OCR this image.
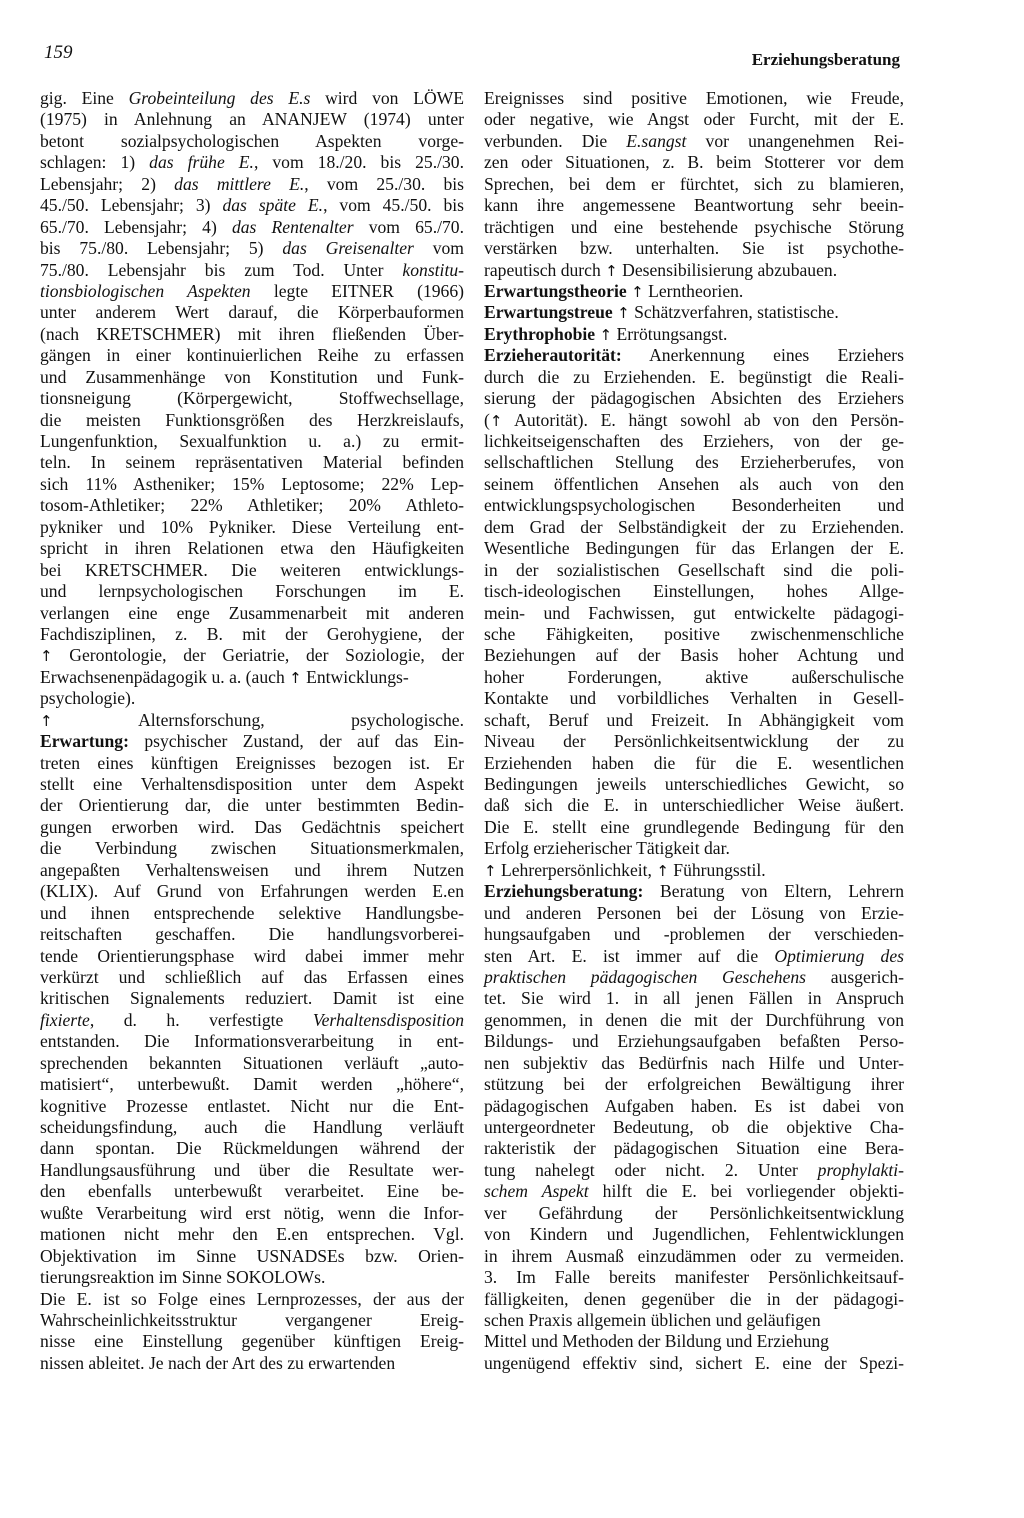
159	Erziehungsberatung
gig. Eine Grobeinteilung des E.s wird von LÖWE
(1975) in Anlehnung an ANANJEW (1974) unter
betont sozialpsychologischen Aspekten vorge-
schlagen: 1) das frühe E., vom 18./20. bis 25./30.
Lebensjahr; 2) das mittlere E., vom 25./30. bis
45./50. Lebensjahr; 3) das späte E., vom 45./50. bis
65./70. Lebensjahr; 4) das Rentenalter vom 65./70.
bis 75./80. Lebensjahr; 5) das Greisenalter vom
75./80. Lebensjahr bis zum Tod. Unter konstitu-
tionsbiologischen Aspekten legte EITNER (1966)
unter anderem Wert darauf, die Körperbauformen
(nach KRETSCHMER) mit ihren fließenden Über-
gängen in einer kontinuierlichen Reihe zu erfassen
und Zusammenhänge von Konstitution und Funk-
tionsneigung (Körpergewicht, Stoffwechsellage,
die meisten Funktionsgrößen des Herzkreislaufs,
Lungenfunktion, Sexualfunktion u. a.) zu ermit-
teln. In seinem repräsentativen Material befinden
sich 11% Astheniker; 15% Leptosome; 22% Lep-
tosom-Athletiker; 22% Athletiker; 20% Athleto-
pykniker und 10% Pykniker. Diese Verteilung ent-
spricht in ihren Relationen etwa den Häufigkeiten
bei KRETSCHMER. Die weiteren entwicklungs-
und lernpsychologischen Forschungen im E.
verlangen eine enge Zusammenarbeit mit anderen
Fachdisziplinen, z. B. mit der Gerohygiene, der
↑ Gerontologie, der Geriatrie, der Soziologie, der
Erwachsenenpädagogik u. a. (auch ↑ Entwicklungs-
psychologie).
↑ Alternsforschung, psychologische.
Erwartung: psychischer Zustand, der auf das Ein-
treten eines künftigen Ereignisses bezogen ist. Er
stellt eine Verhaltensdisposition unter dem Aspekt
der Orientierung dar, die unter bestimmten Bedin-
gungen erworben wird. Das Gedächtnis speichert
die Verbindung zwischen Situationsmerkmalen,
angepaßten Verhaltensweisen und ihrem Nutzen
(KLIX). Auf Grund von Erfahrungen werden E.en
und ihnen entsprechende selektive Handlungsbe-
reitschaften geschaffen. Die handlungsvorberei-
tende Orientierungsphase wird dabei immer mehr
verkürzt und schließlich auf das Erfassen eines
kritischen Signalements reduziert. Damit ist eine
fixierte, d. h. verfestigte Verhaltensdisposition
entstanden. Die Informationsverarbeitung in ent-
sprechenden bekannten Situationen verläuft „auto-
matisiert“, unterbewußt. Damit werden „höhere“,
kognitive Prozesse entlastet. Nicht nur die Ent-
scheidungsfindung, auch die Handlung verläuft
dann spontan. Die Rückmeldungen während der
Handlungsausführung und über die Resultate wer-
den ebenfalls unterbewußt verarbeitet. Eine be-
wußte Verarbeitung wird erst nötig, wenn die Infor-
mationen nicht mehr den E.en entsprechen. Vgl.
Objektivation im Sinne USNADSEs bzw. Orien-
tierungsreaktion im Sinne SOKOLOWs.
Die E. ist so Folge eines Lernprozesses, der aus der
Wahrscheinlichkeitsstruktur vergangener Ereig-
nisse eine Einstellung gegenüber künftigen Ereig-
nissen ableitet. Je nach der Art des zu erwartenden
Ereignisses sind positive Emotionen, wie Freude,
oder negative, wie Angst oder Furcht, mit der E.
verbunden. Die E.sangst vor unangenehmen Rei-
zen oder Situationen, z. B. beim Stotterer vor dem
Sprechen, bei dem er fürchtet, sich zu blamieren,
kann ihre angemessene Beantwortung sehr beein-
trächtigen und eine bestehende psychische Störung
verstärken bzw. unterhalten. Sie ist psychothe-
rapeutisch durch ↑ Desensibilisierung abzubauen.
Erwartungstheorie ↑ Lerntheorien.
Erwartungstreue ↑ Schätzverfahren, statistische.
Erythrophobie ↑ Errötungsangst.
Erzieherautorität: Anerkennung eines Erziehers
durch die zu Erziehenden. E. begünstigt die Reali-
sierung der pädagogischen Absichten des Erziehers
(↑ Autorität). E. hängt sowohl ab von den Persön-
lichkeitseigenschaften des Erziehers, von der ge-
sellschaftlichen Stellung des Erzieherberufes, von
seinem öffentlichen Ansehen als auch von den
entwicklungspsychologischen Besonderheiten und
dem Grad der Selbständigkeit der zu Erziehenden.
Wesentliche Bedingungen für das Erlangen der E.
in der sozialistischen Gesellschaft sind die poli-
tisch-ideologischen Einstellungen, hohes Allge-
mein- und Fachwissen, gut entwickelte pädagogi-
sche Fähigkeiten, positive zwischenmenschliche
Beziehungen auf der Basis hoher Achtung und
hoher Forderungen, aktive außerschulische
Kontakte und vorbildliches Verhalten in Gesell-
schaft, Beruf und Freizeit. In Abhängigkeit vom
Niveau der Persönlichkeitsentwicklung der zu
Erziehenden haben die für die E. wesentlichen
Bedingungen jeweils unterschiedliches Gewicht, so
daß sich die E. in unterschiedlicher Weise äußert.
Die E. stellt eine grundlegende Bedingung für den
Erfolg erzieherischer Tätigkeit dar.
↑ Lehrerpersönlichkeit, ↑ Führungsstil.
Erziehungsberatung: Beratung von Eltern, Lehrern
und anderen Personen bei der Lösung von Erzie-
hungsaufgaben und -problemen der verschieden-
sten Art. E. ist immer auf die Optimierung des
praktischen pädagogischen Geschehens ausgerich-
tet. Sie wird 1. in all jenen Fällen in Anspruch
genommen, in denen die mit der Durchführung von
Bildungs- und Erziehungsaufgaben befaßten Perso-
nen subjektiv das Bedürfnis nach Hilfe und Unter-
stützung bei der erfolgreichen Bewältigung ihrer
pädagogischen Aufgaben haben. Es ist dabei von
untergeordneter Bedeutung, ob die objektive Cha-
rakteristik der pädagogischen Situation eine Bera-
tung nahelegt oder nicht. 2. Unter prophylakti-
schem Aspekt hilft die E. bei vorliegender objekti-
ver Gefährdung der Persönlichkeitsentwicklung
von Kindern und Jugendlichen, Fehlentwicklungen
in ihrem Ausmaß einzudämmen oder zu vermeiden.
3. Im Falle bereits manifester Persönlichkeitsauf-
fälligkeiten, denen gegenüber die in der pädagogi-
schen Praxis allgemein üblichen und geläufigen
Mittel und Methoden der Bildung und Erziehung
ungenügend effektiv sind, sichert E. eine der Spezi-
